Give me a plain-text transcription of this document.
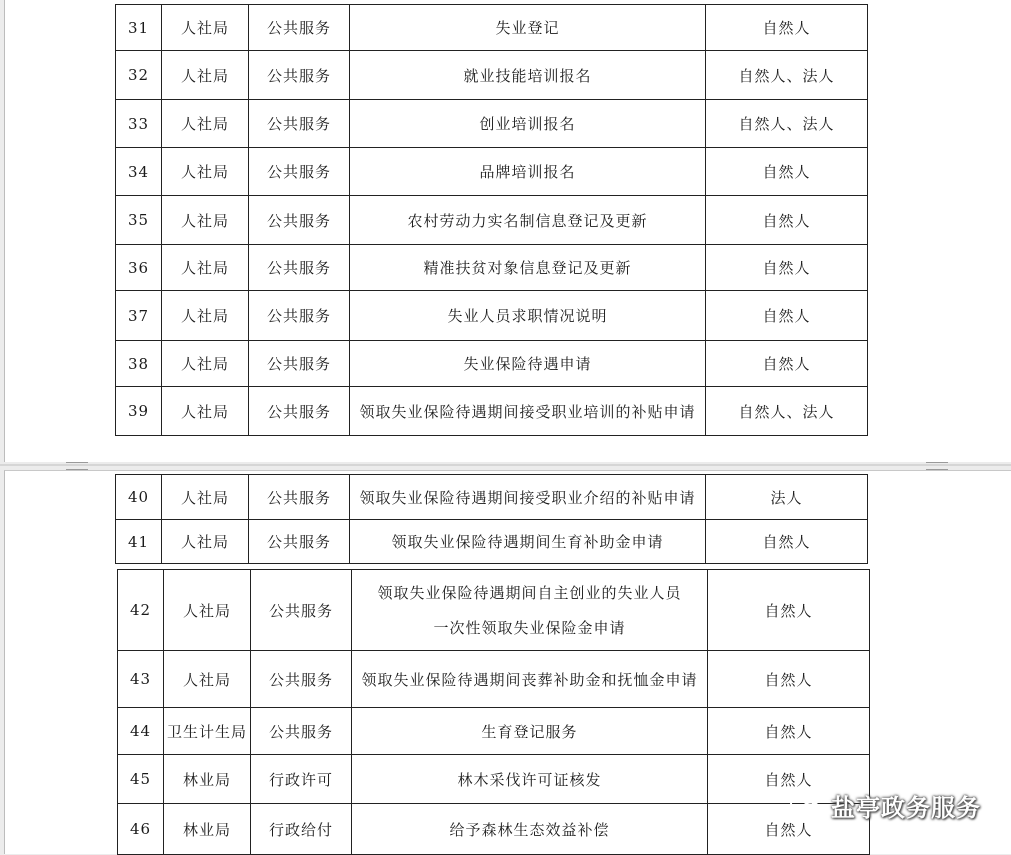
31	人社局	公共服务	失业登记	自然人
32	人社局	公共服务	就业技能培训报名	自然人、法人
33	人社局	公共服务	创业培训报名	自然人、法人
34	人社局	公共服务	品牌培训报名	自然人
35	人社局	公共服务	农村劳动力实名制信息登记及更新	自然人
36	人社局	公共服务	精准扶贫对象信息登记及更新	自然人
37	人社局	公共服务	失业人员求职情况说明	自然人
38	人社局	公共服务	失业保险待遇申请	自然人
39	人社局	公共服务	领取失业保险待遇期间接受职业培训的补贴申请	自然人、法人
40	人社局	公共服务	领取失业保险待遇期间接受职业介绍的补贴申请	法人
41	人社局	公共服务	领取失业保险待遇期间生育补助金申请	自然人
42	人社局	公共服务	领取失业保险待遇期间自主创业的失业人员
一次性领取失业保险金申请	自然人
43	人社局	公共服务	领取失业保险待遇期间丧葬补助金和抚恤金申请	自然人
44	卫生计生局	公共服务	生育登记服务	自然人
45	林业局	行政许可	林木采伐许可证核发	自然人
46	林业局	行政给付	给予森林生态效益补偿	自然人
盐亭政务服务
